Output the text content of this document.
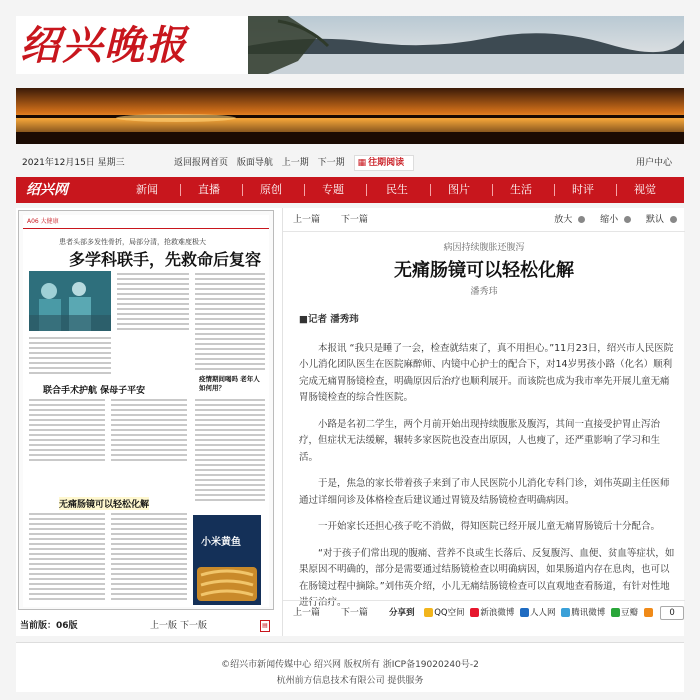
绍兴晚报
2021年12月15日 星期三	返回报网首页 版面导航 上一期 下一期 ▦ 往期阅读	用户中心
绍兴网	新闻	直播	原创	专题	民生	图片	生活	时评	视觉
A06 大健康
患者头部多发性骨折，局部分清，抢救难度极大
多学科联手，先救命后复容
联合手术护航 保母子平安
疫情期间喝吗 老年人如何用？
无痛肠镜可以轻松化解
小米黄鱼
当前版：06版	上一版 下一版	▤
上一篇 下一篇	放大	缩小	默认
病因持续腹胀还腹泻
无痛肠镜可以轻松化解
潘秀玮

■记者 潘秀玮

本报讯 “我只是睡了一会，检查就结束了，真不用担心。”11月23日，绍兴市人民医院小儿消化团队医生在医院麻醉师、内镜中心护士的配合下，对14岁男孩小路（化名）顺利完成无痛胃肠镜检查，明确原因后治疗也顺利展开。而该院也成为我市率先开展儿童无痛胃肠镜检查的综合性医院。

小路是名初二学生，两个月前开始出现持续腹胀及腹泻，其间一直接受护胃止泻治疗，但症状无法缓解，辗转多家医院也没查出原因，人也瘦了，还严重影响了学习和生活。

于是，焦急的家长带着孩子来到了市人民医院小儿消化专科门诊，刘伟英副主任医师通过详细问诊及体格检查后建议通过胃镜及结肠镜检查明确病因。

一开始家长还担心孩子吃不消做，得知医院已经开展儿童无痛胃肠镜后十分配合。

“对于孩子们常出现的腹痛、营养不良或生长落后、反复腹泻、血便、贫血等症状，如果原因不明确的，部分是需要通过结肠镜检查以明确病因，如果肠道内存在息肉，也可以在肠镜过程中摘除。”刘伟英介绍，小儿无痛结肠镜检查可以直观地查看肠道，有针对性地进行治疗。

上一篇 下一篇	分享到 QQ空间 新浪微博 人人网 腾讯微博 豆瓣	0
©绍兴市新闻传媒中心 绍兴网 版权所有 浙ICP备19020240号-2
杭州前方信息技术有限公司 提供服务
